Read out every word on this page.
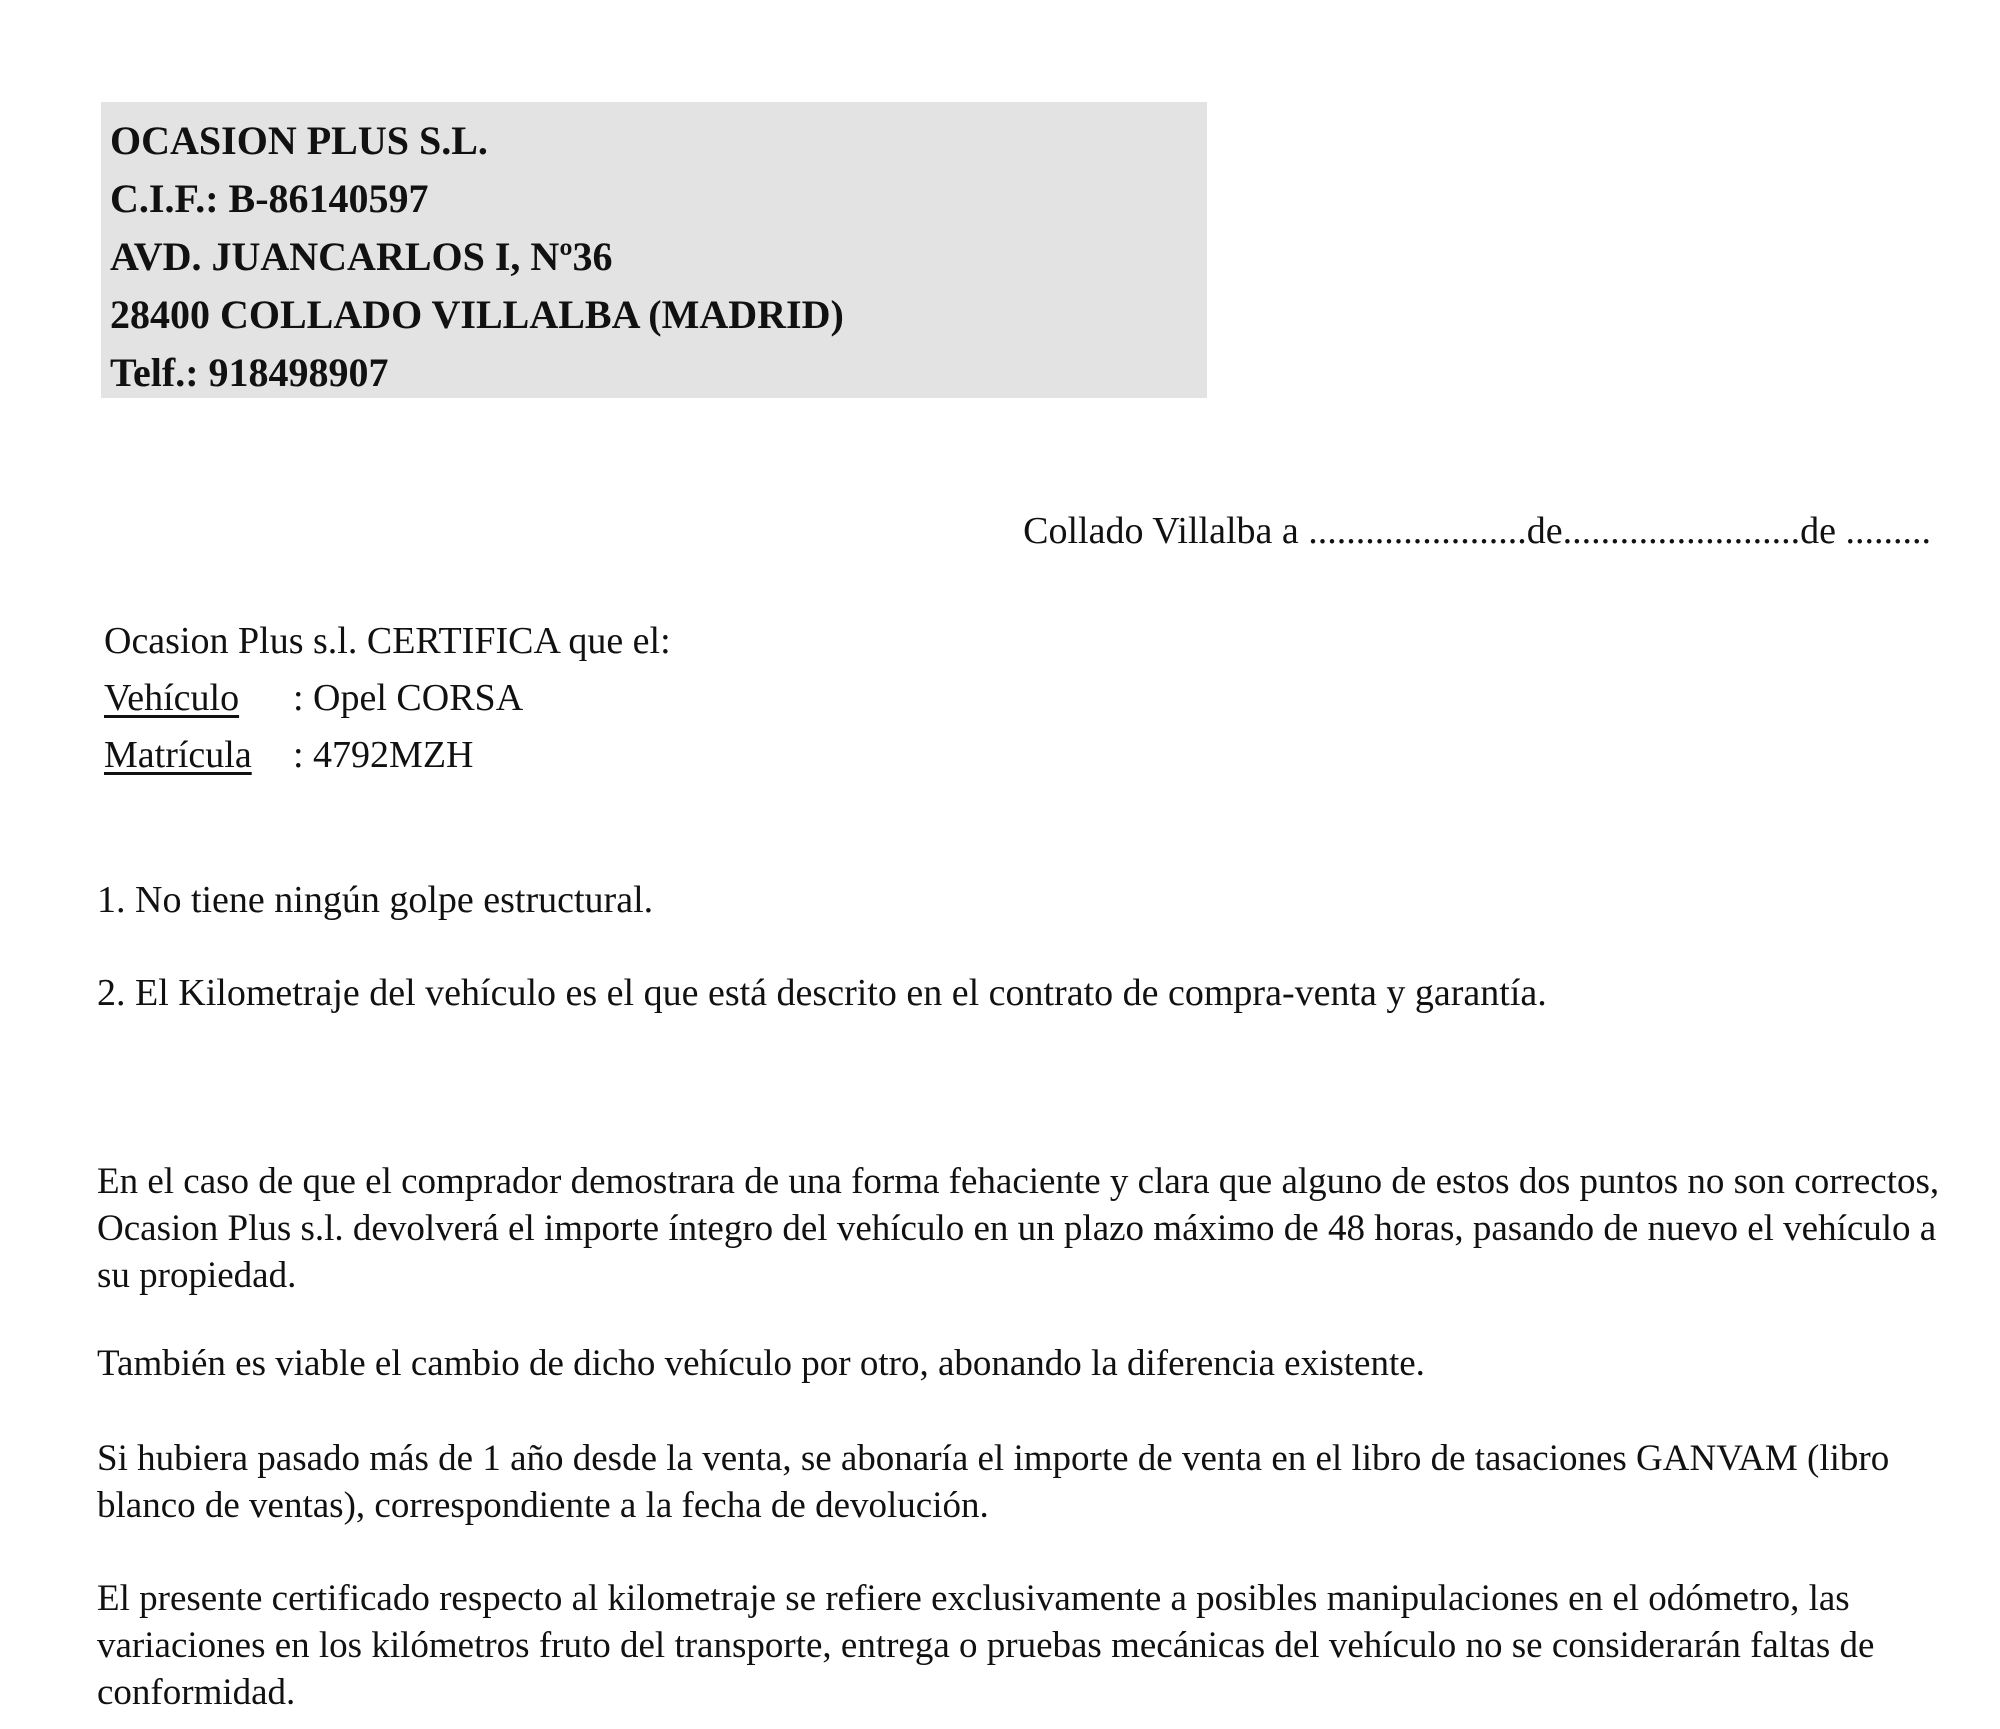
OCASION PLUS S.L.
C.I.F.: B-86140597
AVD. JUANCARLOS I, Nº36
28400 COLLADO VILLALBA (MADRID)
Telf.: 918498907
Collado Villalba a .......................de.........................de .........
Ocasion Plus s.l. CERTIFICA que el:
Vehículo : Opel CORSA
Matrícula : 4792MZH
1. No tiene ningún golpe estructural.
2. El Kilometraje del vehículo es el que está descrito en el contrato de compra-venta y garantía.

En el caso de que el comprador demostrara de una forma fehaciente y clara que alguno de estos dos puntos no son correctos, Ocasion Plus s.l. devolverá el importe íntegro del vehículo en un plazo máximo de 48 horas, pasando de nuevo el vehículo a su propiedad.

También es viable el cambio de dicho vehículo por otro, abonando la diferencia existente.

Si hubiera pasado más de 1 año desde la venta, se abonaría el importe de venta en el libro de tasaciones GANVAM (libro blanco de ventas), correspondiente a la fecha de devolución.

El presente certificado respecto al kilometraje se refiere exclusivamente a posibles manipulaciones en el odómetro, las variaciones en los kilómetros fruto del transporte, entrega o pruebas mecánicas del vehículo no se considerarán faltas de conformidad.
